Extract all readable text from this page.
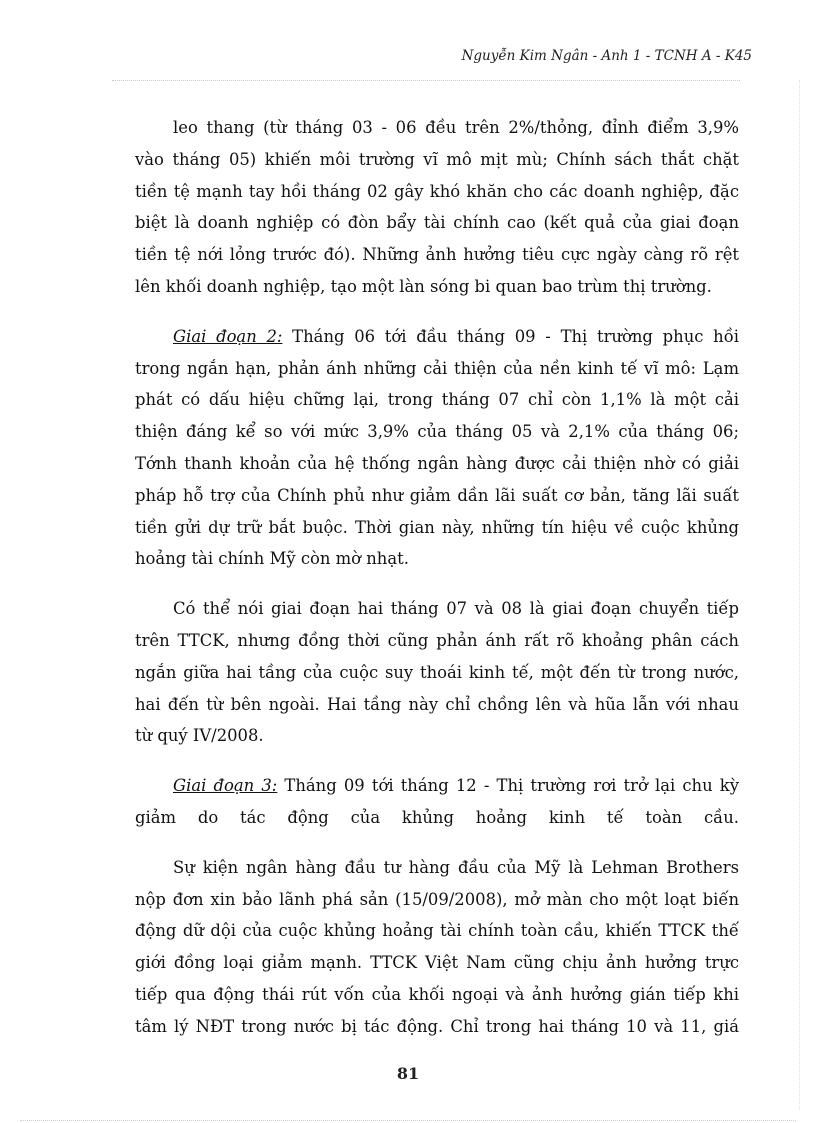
Nguyễn Kim Ngân - Anh 1 - TCNH A - K45

leo thang (từ tháng 03 - 06 đều trên 2%/thỏng, đỉnh điểm 3,9%
vào tháng 05) khiến môi trường vĩ mô mịt mù; Chính sách thắt chặt
tiền tệ mạnh tay hồi tháng 02 gây khó khăn cho các doanh nghiệp, đặc
biệt là doanh nghiệp có đòn bẩy tài chính cao (kết quả của giai đoạn
tiền tệ nới lỏng trước đó). Những ảnh hưởng tiêu cực ngày càng rõ rệt
lên khối doanh nghiệp, tạo một làn sóng bi quan bao trùm thị trường.

Giai đoạn 2: Tháng 06 tới đầu tháng 09 - Thị trường phục hồi
trong ngắn hạn, phản ánh những cải thiện của nền kinh tế vĩ mô: Lạm
phát có dấu hiệu chững lại, trong tháng 07 chỉ còn 1,1% là một cải
thiện đáng kể so với mức 3,9% của tháng 05 và 2,1% của tháng 06;
Tớnh thanh khoản của hệ thống ngân hàng được cải thiện nhờ có giải
pháp hỗ trợ của Chính phủ như giảm dần lãi suất cơ bản, tăng lãi suất
tiền gửi dự trữ bắt buộc. Thời gian này, những tín hiệu về cuộc khủng
hoảng tài chính Mỹ còn mờ nhạt.

Có thể nói giai đoạn hai tháng 07 và 08 là giai đoạn chuyển tiếp
trên TTCK, nhưng đồng thời cũng phản ánh rất rõ khoảng phân cách
ngắn giữa hai tầng của cuộc suy thoái kinh tế, một đến từ trong nước,
hai đến từ bên ngoài. Hai tầng này chỉ chồng lên và hũa lẫn với nhau
từ quý IV/2008.

Giai đoạn 3: Tháng 09 tới tháng 12 - Thị trường rơi trở lại chu kỳ
giảm do tác động của khủng hoảng kinh tế toàn cầu.

Sự kiện ngân hàng đầu tư hàng đầu của Mỹ là Lehman Brothers
nộp đơn xin bảo lãnh phá sản (15/09/2008), mở màn cho một loạt biến
động dữ dội của cuộc khủng hoảng tài chính toàn cầu, khiến TTCK thế
giới đồng loại giảm mạnh. TTCK Việt Nam cũng chịu ảnh hưởng trực
tiếp qua động thái rút vốn của khối ngoại và ảnh hưởng gián tiếp khi
tâm lý NĐT trong nước bị tác động. Chỉ trong hai tháng 10 và 11, giá

81
